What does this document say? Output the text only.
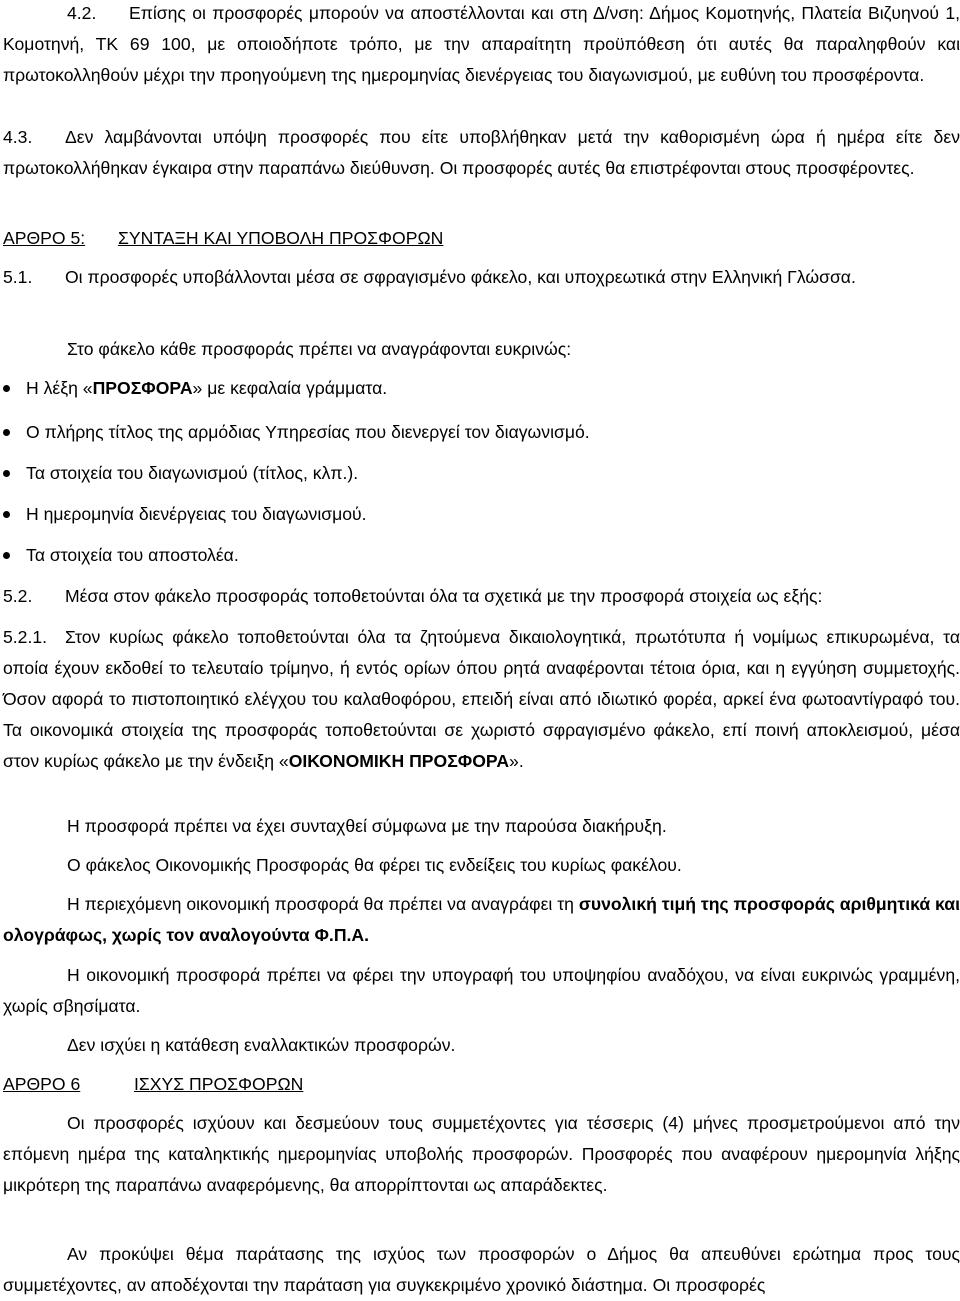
4.2. Επίσης οι προσφορές μπορούν να αποστέλλονται και στη Δ/νση: Δήμος Κομοτηνής, Πλατεία Βιζυηνού 1, Κομοτηνή, ΤΚ 69 100, με οποιοδήποτε τρόπο, με την απαραίτητη προϋπόθεση ότι αυτές θα παραληφθούν και πρωτοκολληθούν μέχρι την προηγούμενη της ημερομηνίας διενέργειας του διαγωνισμού, με ευθύνη του προσφέροντα.

4.3. Δεν λαμβάνονται υπόψη προσφορές που είτε υποβλήθηκαν μετά την καθορισμένη ώρα ή ημέρα είτε δεν πρωτοκολλήθηκαν έγκαιρα στην παραπάνω διεύθυνση. Οι προσφορές αυτές θα επιστρέφονται στους προσφέροντες.

ΑΡΘΡΟ 5: ΣΥΝΤΑΞΗ ΚΑΙ ΥΠΟΒΟΛΗ ΠΡΟΣΦΟΡΩΝ

5.1. Οι προσφορές υποβάλλονται μέσα σε σφραγισμένο φάκελο, και υποχρεωτικά στην Ελληνική Γλώσσα.

Στο φάκελο κάθε προσφοράς πρέπει να αναγράφονται ευκρινώς:

Η λέξη «ΠΡΟΣΦΟΡΑ» με κεφαλαία γράμματα.

Ο πλήρης τίτλος της αρμόδιας Υπηρεσίας που διενεργεί τον διαγωνισμό.

Τα στοιχεία του διαγωνισμού (τίτλος, κλπ.).

Η ημερομηνία διενέργειας του διαγωνισμού.

Τα στοιχεία του αποστολέα.

5.2. Μέσα στον φάκελο προσφοράς τοποθετούνται όλα τα σχετικά με την προσφορά στοιχεία ως εξής:

5.2.1. Στον κυρίως φάκελο τοποθετούνται όλα τα ζητούμενα δικαιολογητικά, πρωτότυπα ή νομίμως επικυρωμένα, τα οποία έχουν εκδοθεί το τελευταίο τρίμηνο, ή εντός ορίων όπου ρητά αναφέρονται τέτοια όρια, και η εγγύηση συμμετοχής. Όσον αφορά το πιστοποιητικό ελέγχου του καλαθοφόρου, επειδή είναι από ιδιωτικό φορέα, αρκεί ένα φωτοαντίγραφό του. Τα οικονομικά στοιχεία της προσφοράς τοποθετούνται σε χωριστό σφραγισμένο φάκελο, επί ποινή αποκλεισμού, μέσα στον κυρίως φάκελο με την ένδειξη «ΟΙΚΟΝΟΜΙΚΗ ΠΡΟΣΦΟΡΑ».

Η προσφορά πρέπει να έχει συνταχθεί σύμφωνα με την παρούσα διακήρυξη.

Ο φάκελος Οικονομικής Προσφοράς θα φέρει τις ενδείξεις του κυρίως φακέλου.

Η περιεχόμενη οικονομική προσφορά θα πρέπει να αναγράφει τη συνολική τιμή της προσφοράς αριθμητικά και ολογράφως, χωρίς τον αναλογούντα Φ.Π.Α.

Η οικονομική προσφορά πρέπει να φέρει την υπογραφή του υποψηφίου αναδόχου, να είναι ευκρινώς γραμμένη, χωρίς σβησίματα.

Δεν ισχύει η κατάθεση εναλλακτικών προσφορών.

ΑΡΘΡΟ 6	ΙΣΧΥΣ ΠΡΟΣΦΟΡΩΝ

Οι προσφορές ισχύουν και δεσμεύουν τους συμμετέχοντες για τέσσερις (4) μήνες προσμετρούμενοι από την επόμενη ημέρα της καταληκτικής ημερομηνίας υποβολής προσφορών. Προσφορές που αναφέρουν ημερομηνία λήξης μικρότερη της παραπάνω αναφερόμενης, θα απορρίπτονται ως απαράδεκτες.

Αν προκύψει θέμα παράτασης της ισχύος των προσφορών ο Δήμος θα απευθύνει ερώτημα προς τους συμμετέχοντες, αν αποδέχονται την παράταση για συγκεκριμένο χρονικό διάστημα. Οι προσφορές
